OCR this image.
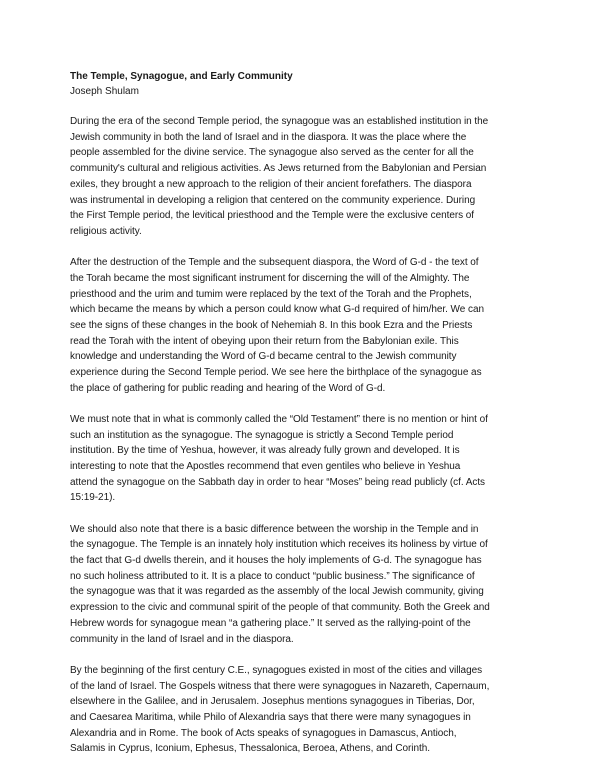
The Temple, Synagogue, and Early Community

Joseph Shulam

During the era of the second Temple period, the synagogue was an established institution in the
Jewish community in both the land of Israel and in the diaspora. It was the place where the
people assembled for the divine service. The synagogue also served as the center for all the
community's cultural and religious activities. As Jews returned from the Babylonian and Persian
exiles, they brought a new approach to the religion of their ancient forefathers. The diaspora
was instrumental in developing a religion that centered on the community experience. During
the First Temple period, the levitical priesthood and the Temple were the exclusive centers of
religious activity.
After the destruction of the Temple and the subsequent diaspora, the Word of G-d - the text of
the Torah became the most significant instrument for discerning the will of the Almighty. The
priesthood and the urim and tumim were replaced by the text of the Torah and the Prophets,
which became the means by which a person could know what G-d required of him/her. We can
see the signs of these changes in the book of Nehemiah 8. In this book Ezra and the Priests
read the Torah with the intent of obeying upon their return from the Babylonian exile. This
knowledge and understanding the Word of G-d became central to the Jewish community
experience during the Second Temple period. We see here the birthplace of the synagogue as
the place of gathering for public reading and hearing of the Word of G-d.
We must note that in what is commonly called the “Old Testament” there is no mention or hint of
such an institution as the synagogue. The synagogue is strictly a Second Temple period
institution. By the time of Yeshua, however, it was already fully grown and developed. It is
interesting to note that the Apostles recommend that even gentiles who believe in Yeshua
attend the synagogue on the Sabbath day in order to hear “Moses” being read publicly (cf. Acts
15:19-21).
We should also note that there is a basic difference between the worship in the Temple and in
the synagogue. The Temple is an innately holy institution which receives its holiness by virtue of
the fact that G-d dwells therein, and it houses the holy implements of G-d. The synagogue has
no such holiness attributed to it. It is a place to conduct “public business.” The significance of
the synagogue was that it was regarded as the assembly of the local Jewish community, giving
expression to the civic and communal spirit of the people of that community. Both the Greek and
Hebrew words for synagogue mean “a gathering place.” It served as the rallying-point of the
community in the land of Israel and in the diaspora.
By the beginning of the first century C.E., synagogues existed in most of the cities and villages
of the land of Israel. The Gospels witness that there were synagogues in Nazareth, Capernaum,
elsewhere in the Galilee, and in Jerusalem. Josephus mentions synagogues in Tiberias, Dor,
and Caesarea Maritima, while Philo of Alexandria says that there were many synagogues in
Alexandria and in Rome. The book of Acts speaks of synagogues in Damascus, Antioch,
Salamis in Cyprus, Iconium, Ephesus, Thessalonica, Beroea, Athens, and Corinth.
